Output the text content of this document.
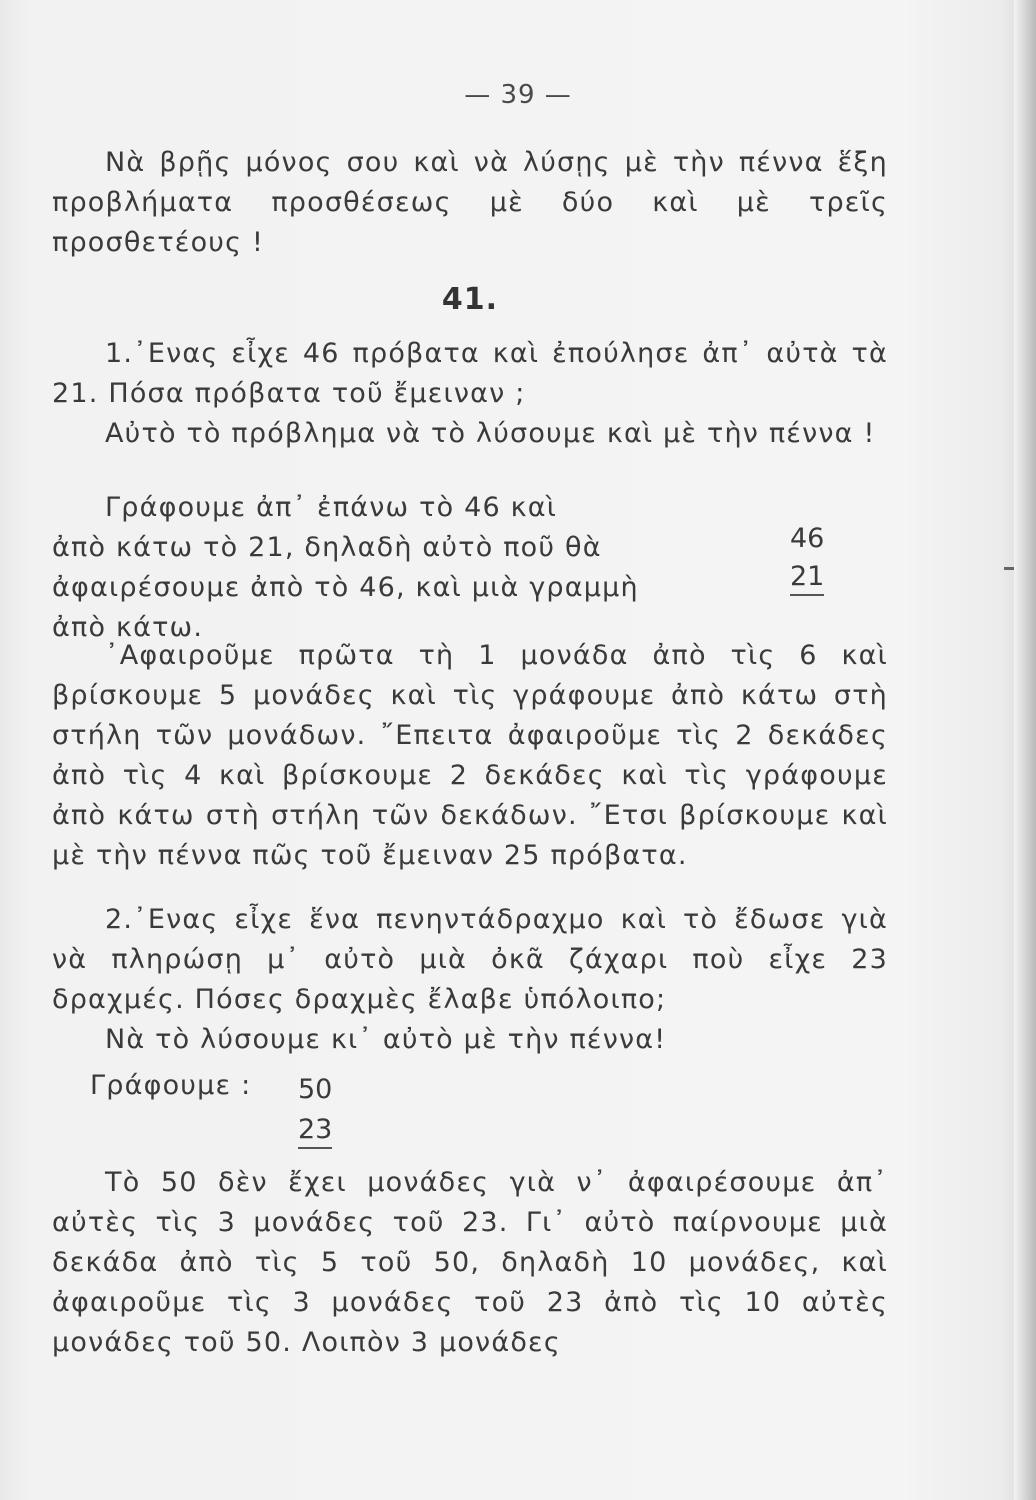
— 39 —

Νὰ βρῇς μόνος σου καὶ νὰ λύσῃς μὲ τὴν πέννα ἕξη προβλήματα προσθέσεως μὲ δύο καὶ μὲ τρεῖς προσθετέους !

41.

1.᾿Ενας εἶχε 46 πρόβατα καὶ ἐπούλησε ἀπ᾿ αὐτὰ τὰ 21. Πόσα πρόβατα τοῦ ἔμειναν ;

Αὐτὸ τὸ πρόβλημα νὰ τὸ λύσουμε καὶ μὲ τὴν πέννα !

Γράφουμε ἀπ᾿ ἐπάνω τὸ 46 καὶ
ἀπὸ κάτω τὸ 21, δηλαδὴ αὐτὸ ποῦ θὰ
ἀφαιρέσουμε ἀπὸ τὸ 46, καὶ μιὰ γραμμὴ
ἀπὸ κάτω.
46
21

᾿Αφαιροῦμε πρῶτα τὴ 1 μονάδα ἀπὸ τὶς 6 καὶ βρίσκουμε 5 μονάδες καὶ τὶς γράφουμε ἀπὸ κάτω στὴ στήλη τῶν μονάδων. ῎Επειτα ἀφαιροῦμε τὶς 2 δεκάδες ἀπὸ τὶς 4 καὶ βρίσκουμε 2 δεκάδες καὶ τὶς γράφουμε ἀπὸ κάτω στὴ στήλη τῶν δεκάδων. ῎Ετσι βρίσκουμε καὶ μὲ τὴν πέννα πῶς τοῦ ἔμειναν 25 πρόβατα.

2.᾿Ενας εἶχε ἕνα πενηντάδραχμο καὶ τὸ ἔδωσε γιὰ νὰ πληρώσῃ μ᾿ αὐτὸ μιὰ ὀκᾶ ζάχαρι ποὺ εἶχε 23 δραχμές. Πόσες δραχμὲς ἔλαβε ὑπόλοιπο;

Νὰ τὸ λύσουμε κι᾿ αὐτὸ μὲ τὴν πέννα!

Γράφουμε : 50
23

Τὸ 50 δὲν ἔχει μονάδες γιὰ ν᾿ ἀφαιρέσουμε ἀπ᾿ αὐτὲς τὶς 3 μονάδες τοῦ 23. Γι᾿ αὐτὸ παίρνουμε μιὰ δεκάδα ἀπὸ τὶς 5 τοῦ 50, δηλαδὴ 10 μονάδες, καὶ ἀφαιροῦμε τὶς 3 μονάδες τοῦ 23 ἀπὸ τὶς 10 αὐτὲς μονάδες τοῦ 50. Λοιπὸν 3 μονάδες
